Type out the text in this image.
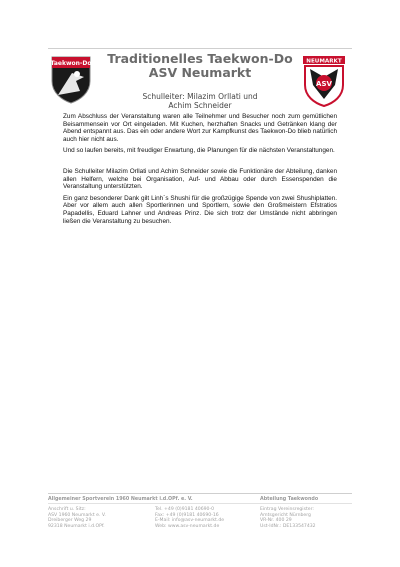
Taekwon-Do	NEUMARKT
ASV
Traditionelles Taekwon-Do
ASV Neumarkt
Schulleiter: Milazim Orllati und
Achim Schneider

Zum Abschluss der Veranstaltung waren alle Teilnehmer und Besucher noch zum gemütlichen Beisammensein vor Ort eingeladen. Mit Kuchen, herzhaften Snacks und Getränken klang der Abend entspannt aus. Das ein oder andere Wort zur Kampfkunst des Taekwon-Do blieb natürlich auch hier nicht aus.

Und so laufen bereits, mit freudiger Erwartung, die Planungen für die nächsten Veranstaltungen.

Die Schulleiter Milazim Orllati und Achim Schneider sowie die Funktionäre der Abteilung, danken allen Helfern, welche bei Organisation, Auf- und Abbau oder durch Essenspenden die Veranstaltung unterstützten.

Ein ganz besonderer Dank gilt Linh´s Shushi für die großzügige Spende von zwei Shushiplatten. Aber vor allem auch allen Sportlerinnen und Sportlern, sowie den Großmeistern Efstratios Papadellis, Eduard Lahner und Andreas Prinz. Die sich trotz der Umstände nicht abbringen ließen die Veranstaltung zu besuchen.

Allgemeiner Sportverein 1960 Neumarkt i.d.OPf. e. V.	Abteilung Taekwondo
Anschrift u. Sitz:
ASV 1960 Neumarkt e. V.
Dreiberger Weg 29
92318 Neumarkt i.d.OPf.
Tel. +49 (0)9181 40690-0
Fax: +49 (0)9181 40690-16
E-Mail: info@asv-neumarkt.de
Web: www.asv-neumarkt.de
Eintrag Vereinsregister:
Amtsgericht Nürnberg
VR-Nr. 400 29
Ust-IdNr.: DE133547432
